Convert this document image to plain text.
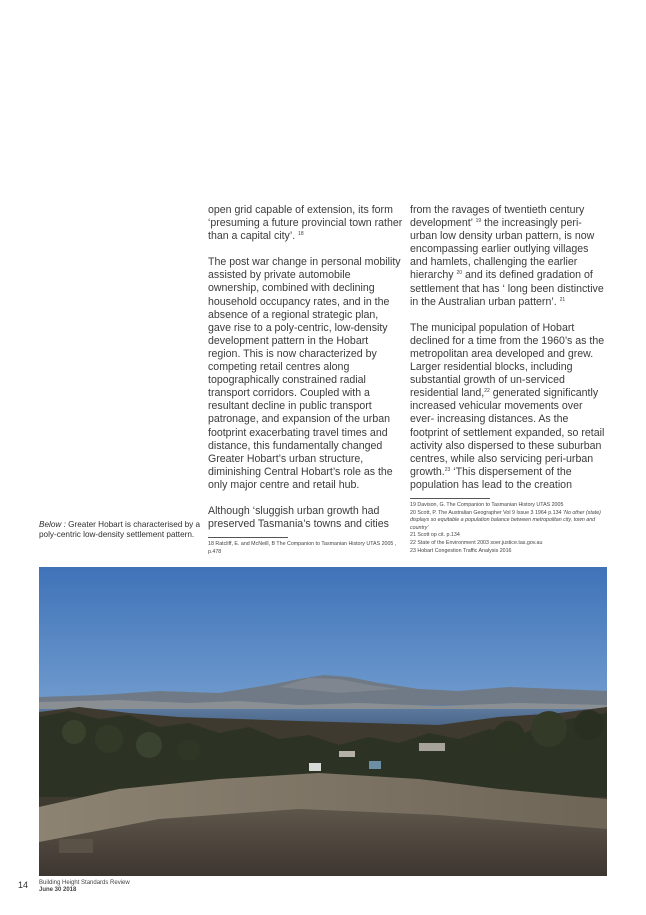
open grid capable of extension, its form ‘presuming a future provincial town rather than a capital city’. $^{18}$

The post war change in personal mobility assisted by private automobile ownership, combined with declining household occupancy rates, and in the absence of a regional strategic plan, gave rise to a poly-centric, low-density development pattern in the Hobart region. This is now characterized by competing retail centres along topographically constrained radial transport corridors. Coupled with a resultant decline in public transport patronage, and expansion of the urban footprint exacerbating travel times and distance, this fundamentally changed Greater Hobart’s urban structure, diminishing Central Hobart’s role as the only major centre and retail hub.

Although ‘sluggish urban growth had preserved Tasmania’s towns and cities

18 Ratcliff, E. and McNeill, B The Companion to Tasmanian History UTAS 2005 , p.478

from the ravages of twentieth century development’ $^{19}$ the increasingly peri-urban low density urban pattern, is now encompassing earlier outlying villages and hamlets, challenging the earlier hierarchy $^{20}$ and its defined gradation of settlement that has ‘ long been distinctive in the Australian urban pattern’. $^{21}$

The municipal population of Hobart declined for a time from the 1960’s as the metropolitan area developed and grew. Larger residential blocks, including substantial growth of un-serviced residential land,$^{22}$ generated significantly increased vehicular movements over ever- increasing distances. As the footprint of settlement expanded, so retail activity also dispersed to these suburban centres, while also servicing peri-urban growth.$^{23}$ ‘This dispersement of the population has lead to the creation

19 Davison, G. The Companion to Tasmanian History UTAS 2005
20 Scott, P. The Australian Geographer Vol 9 Issue 3 1964 p.134 ‘No other (state) displays so equitable a population balance between metropolitan city, town and country’
21 Scott op cit. p.134
22 State of the Environment 2003 soer.justice.tas.gov.au
23 Hobart Congestion Traffic Analysis 2016
Below : Greater Hobart is characterised by a poly-centric low-density settlement pattern.
14 Building Height Standards Review
June 30 2018
